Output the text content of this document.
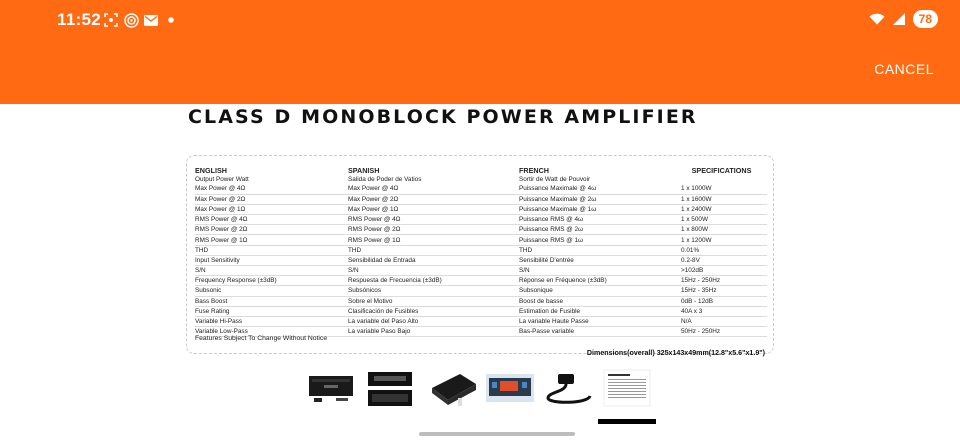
11:52	78
CANCEL
CLASS D MONOBLOCK POWER AMPLIFIER
ENGLISH	SPANISH	FRENCH	SPECIFICATIONS
Output Power Watt	Salida de Poder de Vatios	Sortir de Watt de Pouvoir	
Max Power @ 4Ω	Max Power @ 4Ω	Puissance Maximale @ 4ω	1 x 1000W
Max Power @ 2Ω	Max Power @ 2Ω	Puissance Maximale @ 2ω	1 x 1600W
Max Power @ 1Ω	Max Power @ 1Ω	Puissance Maximale @ 1ω	1 x 2400W
RMS Power @ 4Ω	RMS Power @ 4Ω	Puissance RMS @ 4ω	1 x 500W
RMS Power @ 2Ω	RMS Power @ 2Ω	Puissance RMS @ 2ω	1 x 800W
RMS Power @ 1Ω	RMS Power @ 1Ω	Puissance RMS @ 1ω	1 x 1200W
THD	THD	THD	0.01%
Input Sensitivity	Sensibilidad de Entrada	Sensibilité D'entrée	0.2-8V
S/N	S/N	S/N	>102dB
Frequency Response (±3dB)	Respuesta de Frecuencia (±3dB)	Réponse en Fréquence (±3dB)	15Hz - 250Hz
Subsonic	Subsónicos	Subsonique	15Hz - 35Hz
Bass Boost	Sobre el Motivo	Boost de basse	0dB - 12dB
Fuse Rating	Clasificación de Fusibles	Estimation de Fusible	40A x 3
Variable Hi-Pass	La variable del Paso Alto	La variable Haute Passe	N/A
Variable Low-Pass	La variable Paso Bajo	Bas-Passe variable	50Hz - 250Hz
Features Subject To Change Without Notice
Dimensions(overall) 325x143x49mm(12.8"x5.6"x1.9")
